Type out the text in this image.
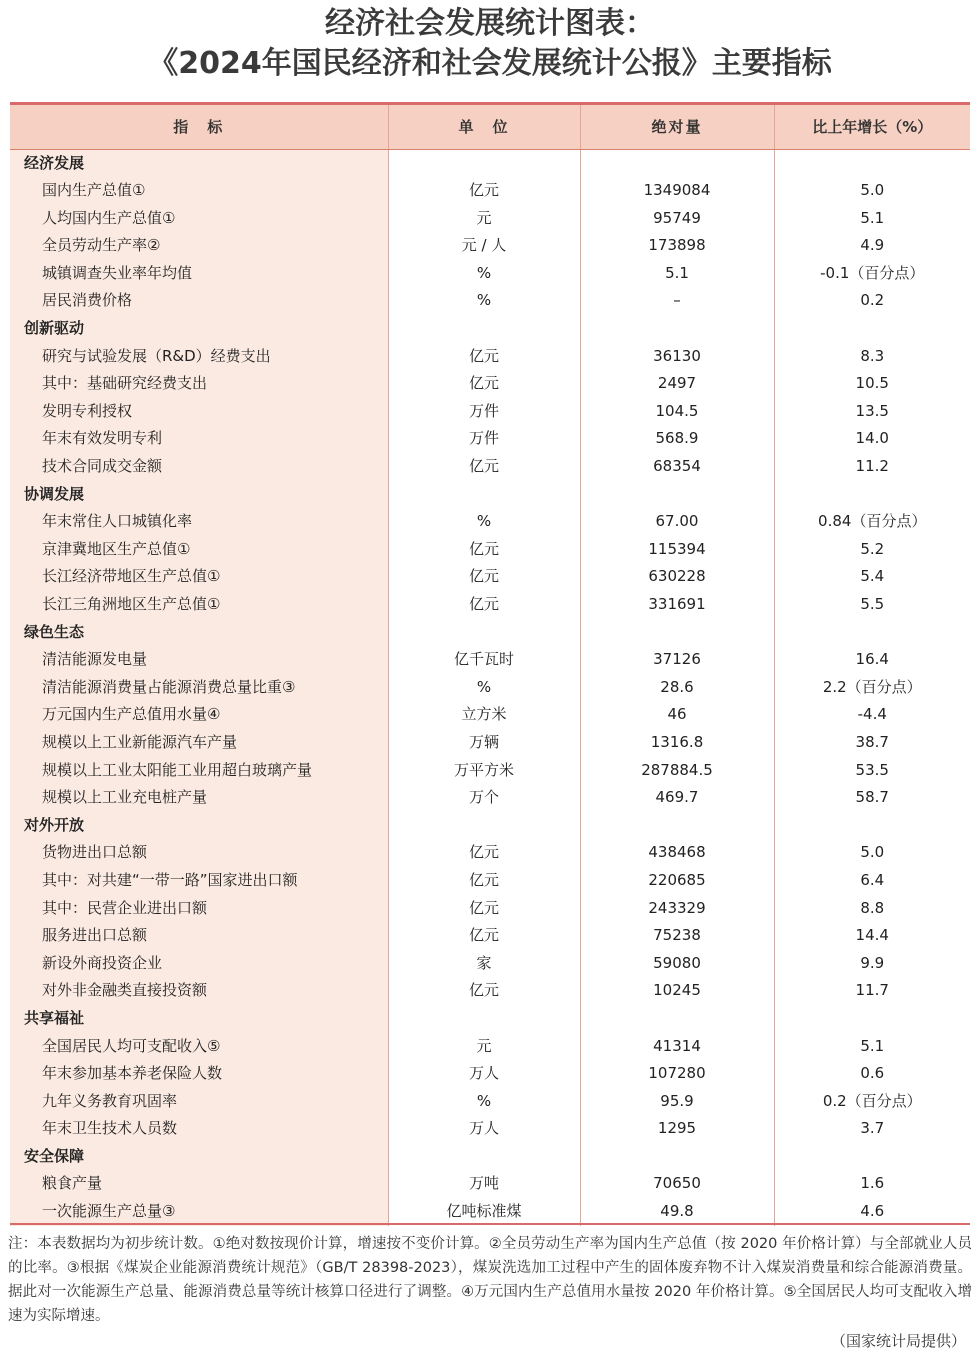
经济社会发展统计图表：
《2024年国民经济和社会发展统计公报》主要指标
指　标	单　位	绝对量	比上年增长（%）
经济发展			
国内生产总值①	亿元	1349084	5.0
人均国内生产总值①	元	95749	5.1
全员劳动生产率②	元 / 人	173898	4.9
城镇调查失业率年均值	%	5.1	-0.1（百分点）
居民消费价格	%	–	0.2
创新驱动			
研究与试验发展（R&D）经费支出	亿元	36130	8.3
其中：基础研究经费支出	亿元	2497	10.5
发明专利授权	万件	104.5	13.5
年末有效发明专利	万件	568.9	14.0
技术合同成交金额	亿元	68354	11.2
协调发展			
年末常住人口城镇化率	%	67.00	0.84（百分点）
京津冀地区生产总值①	亿元	115394	5.2
长江经济带地区生产总值①	亿元	630228	5.4
长江三角洲地区生产总值①	亿元	331691	5.5
绿色生态			
清洁能源发电量	亿千瓦时	37126	16.4
清洁能源消费量占能源消费总量比重③	%	28.6	2.2（百分点）
万元国内生产总值用水量④	立方米	46	-4.4
规模以上工业新能源汽车产量	万辆	1316.8	38.7
规模以上工业太阳能工业用超白玻璃产量	万平方米	287884.5	53.5
规模以上工业充电桩产量	万个	469.7	58.7
对外开放			
货物进出口总额	亿元	438468	5.0
其中：对共建“一带一路”国家进出口额	亿元	220685	6.4
其中：民营企业进出口额	亿元	243329	8.8
服务进出口总额	亿元	75238	14.4
新设外商投资企业	家	59080	9.9
对外非金融类直接投资额	亿元	10245	11.7
共享福祉			
全国居民人均可支配收入⑤	元	41314	5.1
年末参加基本养老保险人数	万人	107280	0.6
九年义务教育巩固率	%	95.9	0.2（百分点）
年末卫生技术人员数	万人	1295	3.7
安全保障			
粮食产量	万吨	70650	1.6
一次能源生产总量③	亿吨标准煤	49.8	4.6
注：本表数据均为初步统计数。①绝对数按现价计算，增速按不变价计算。②全员劳动生产率为国内生产总值（按 2020 年价格计算）与全部就业人员的比率。③根据《煤炭企业能源消费统计规范》（GB/T 28398-2023），煤炭洗选加工过程中产生的固体废弃物不计入煤炭消费量和综合能源消费量。据此对一次能源生产总量、能源消费总量等统计核算口径进行了调整。④万元国内生产总值用水量按 2020 年价格计算。⑤全国居民人均可支配收入增速为实际增速。
（国家统计局提供）
